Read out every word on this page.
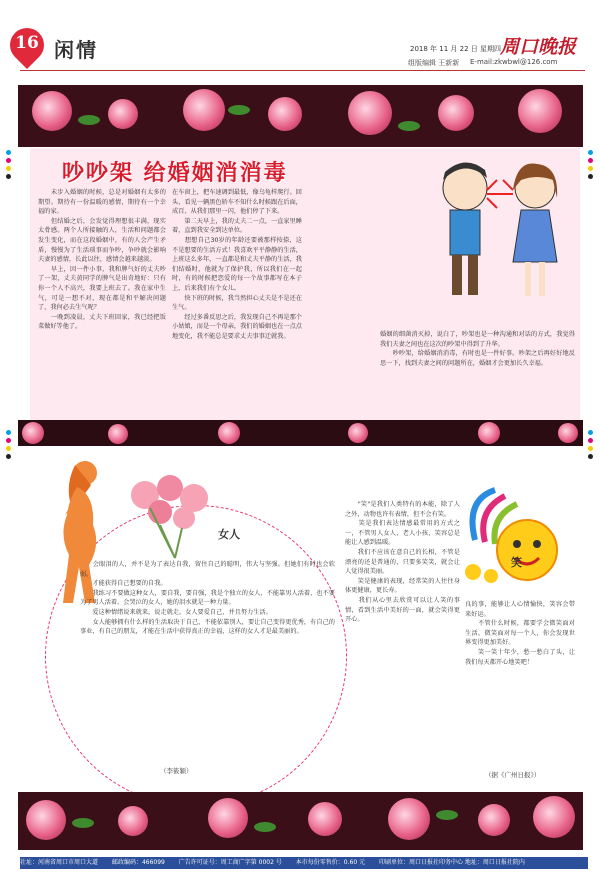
16 闲情	2018 年 11 月 22 日 星期四 周口晚报
组版编辑 王新新 E-mail:zkwbwl@126.com
吵吵架 给婚姻消消毒
　　未步入婚姻的时候，总是对婚姻有太多的期望。期待有一份温暖的感情，期待有一个幸福的家。
　　但结婚之后，会发觉得理想很丰满，现实太骨感。两个人所接触的人，生活和问题都会发生变化，而在这段婚姻中，有的人会产生矛盾，慢慢为了生活琐事而争吵，争吵就会影响夫妻的感情，长此以往，感情会越来越淡。
　　早上，因一件小事，我和脾气好的丈夫吵了一架，丈夫黄同学的脾气是出奇地好：只有你一个人不高兴，我要上班去了。我在家中生气，可是一想不对，现在都是和平解决问题了，我何必去生气呢？
　　一晚到凌晨，丈夫下班回家，我已经把饭菜做好等他了。
在车窗上，把车速调到最低，像乌龟样爬行。回头，看见一辆黑色轿车不知什么时候跟在后面，成百、从我们那里一闪，他们停了下来。
　　第二天早上，我的丈夫二一点，一直家里睡着，直到我安全到达单位。
　　想想自己30岁的年龄还要被那样按捺，这不是想要的生活方式！我喜欢平平静静的生活，上班这么多年，一直都是和丈夫平静的生活，我们结婚时，他就为了保护我，所以我们在一起时，有的时候把恋爱的每一个故事都写在本子上，后来我们有个女儿。
　　快下班的时候，我当然担心丈夫是不是还在生气。
　　经过多番反思之后，我发现自己不再是那个小姑娘，而是一个母亲，我们的婚姻也在一点点地变化，我不能总是要求丈夫事事迁就我。	婚姻的细菌消灭掉，说白了，吵架也是一种沟通和对话的方式，我觉得我们夫妻之间也在这次的吵架中得到了升华。
　　吵吵架，给婚姻消消毒，有时也是一件好事。吵架之后再好好地反思一下，找到夫妻之间的问题所在，婚姻才会更加长久幸福。
女人
　　会眼泪的人，并不是为了表达自我，留住自己的聪明，伟大与坚强。但她们有时也会软弱。
　　才能获得自己想要的自我。
　　我练习不要做这种女人，要自我，要自强，我是个独立的女人，不能靠男人活着，也不要为了男人活着。会哭泣的女人，她的泪水就是一种力量。
　　爱这种情绪说来就来，说走就走。女人要爱自己，并且努力生活。
　　女人能够拥有什么样的生活取决于自己，不能依靠别人，要让自己变得更优秀，有自己的事业，有自己的朋友，才能在生活中获得真正的幸福，这样的女人才是最美丽的。
（李筱颖）
笑
　　"笑"是我们人类特有的本能，除了人之外，动物也许有表情，但不会有笑。
　　笑是我们表达情感最常用的方式之一，不管男人女人，老人小孩，笑容总是能让人感到温暖。
　　我们不应该在意自己的长相，不管是漂亮的还是普通的，只要多笑笑，就会让人觉得很美丽。
　　笑是健康的表现，经常笑的人往往身体更健康，更长寿。
　　我们从心里去欣赏可以让人笑的事情，看到生活中美好的一面，就会笑得更开心。
良的事，能够让人心情愉快，笑容会带来好运。
　　不管什么时候，都要学会微笑面对生活，微笑面对每一个人，你会发现世界变得更加美好。
　　笑一笑十年少，愁一愁白了头，让我们每天都开心地笑吧！
（据《广州日报》）
社址：河南省周口市周口大道 邮政编码：466099 广告许可证号：周工商广字第 0002 号 本市每份零售价：0.60 元 印刷单位：周口日报社印务中心 地址：周口日报社院内
